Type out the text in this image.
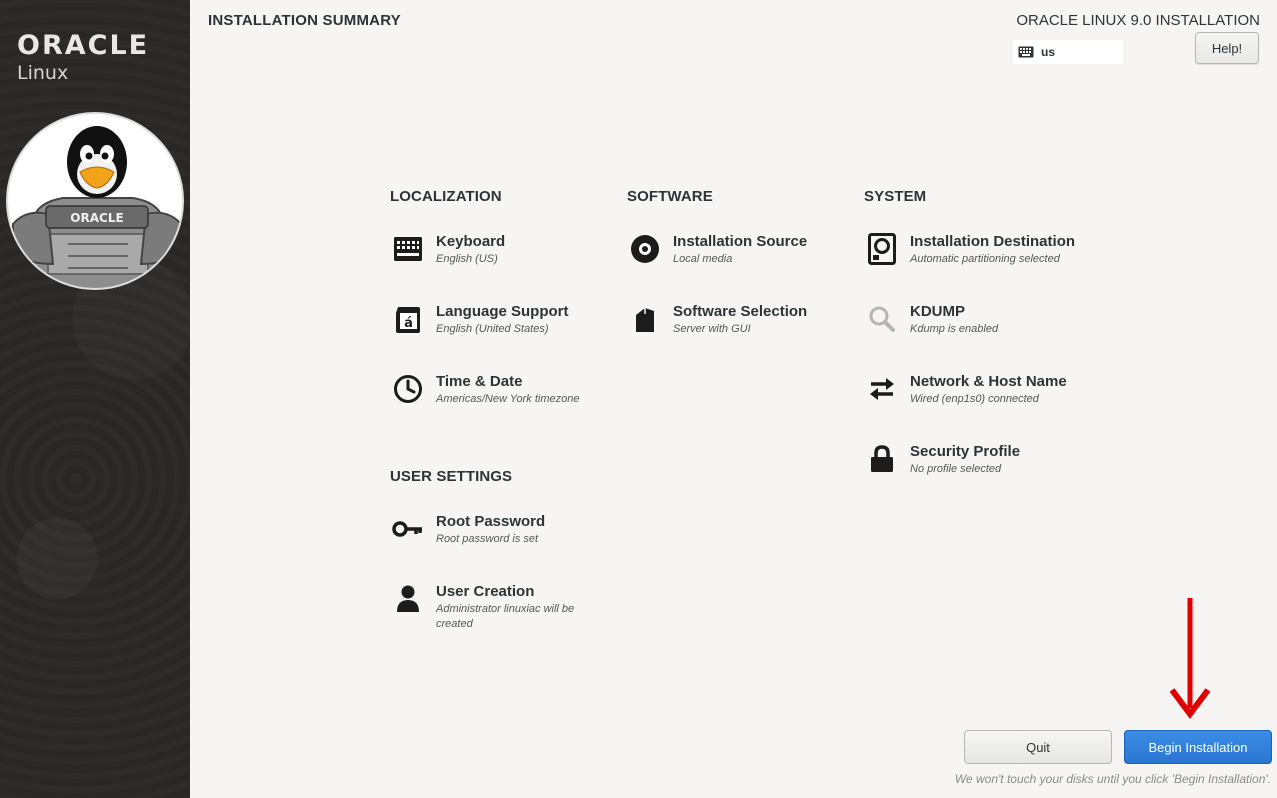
ORACLE
Linux
ORACLE
INSTALLATION SUMMARY	ORACLE LINUX 9.0 INSTALLATION
us	Help!
LOCALIZATION
Keyboard
English (US)
á
Language Support
English (United States)
Time & Date
Americas/New York timezone
USER SETTINGS
Root Password
Root password is set
User Creation
Administrator linuxiac will be created
SOFTWARE
Installation Source
Local media
Software Selection
Server with GUI
SYSTEM
Installation Destination
Automatic partitioning selected
KDUMP
Kdump is enabled
Network & Host Name
Wired (enp1s0) connected
Security Profile
No profile selected
Quit	Begin Installation
We won't touch your disks until you click 'Begin Installation'.
